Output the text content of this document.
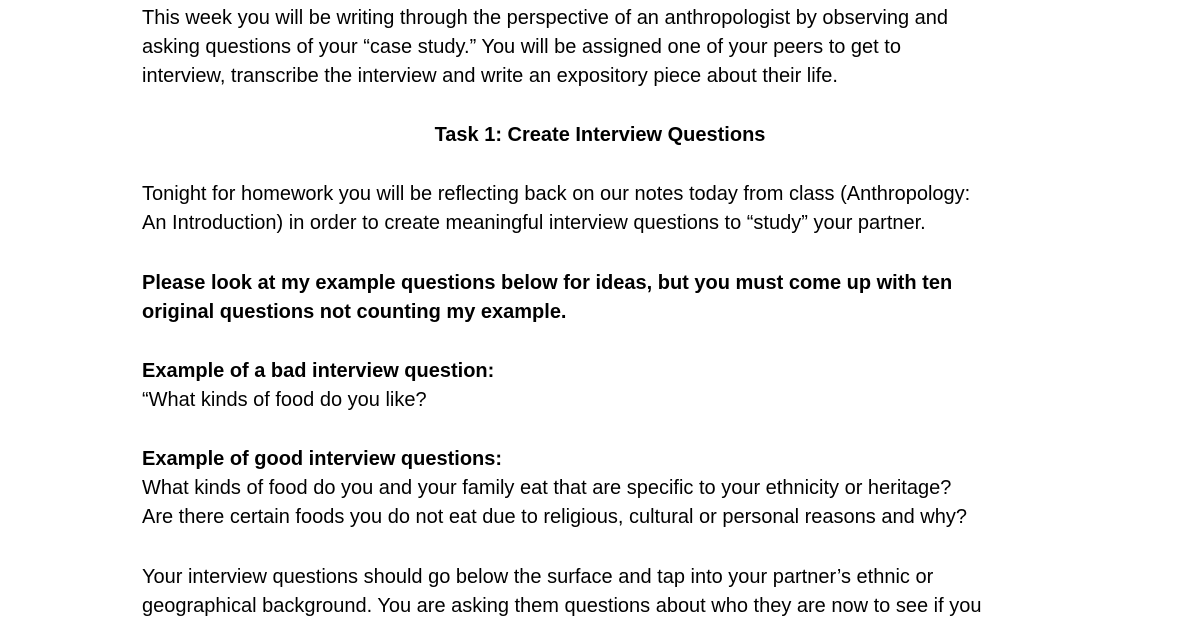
This week you will be writing through the perspective of an anthropologist by observing and
asking questions of your “case study.” You will be assigned one of your peers to get to
interview, transcribe the interview and write an expository piece about their life.

Task 1: Create Interview Questions

Tonight for homework you will be reflecting back on our notes today from class (Anthropology:
An Introduction) in order to create meaningful interview questions to “study” your partner.

Please look at my example questions below for ideas, but you must come up with ten
original questions not counting my example.

Example of a bad interview question:
“What kinds of food do you like?

Example of good interview questions:
What kinds of food do you and your family eat that are specific to your ethnicity or heritage?
Are there certain foods you do not eat due to religious, cultural or personal reasons and why?

Your interview questions should go below the surface and tap into your partner’s ethnic or
geographical background. You are asking them questions about who they are now to see if you
